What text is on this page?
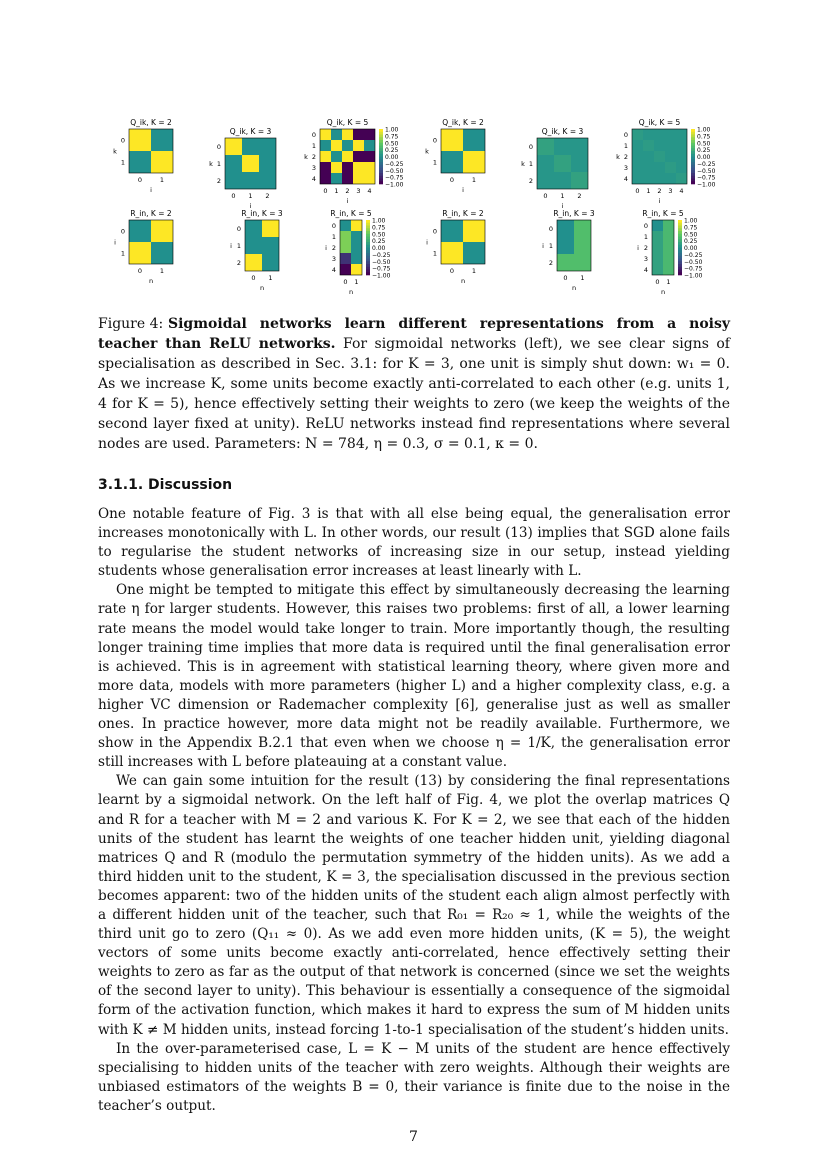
Q_ik, K = 2
0	1
i
0
1
k
Q_ik, K = 3
0 1 2
i
0
1
2
k
Q_ik, K = 5
0 1 2 3 4
i
0
1
2
3
4
k
1.00
0.75
0.50
0.25
0.00
−0.25
−0.50
−0.75
−1.00
Q_ik, K = 2
0	1
i
0
1
k
Q_ik, K = 3
0 1 2
i
0
1
2
k
Q_ik, K = 5
0 1 2 3 4
i
0
1
2
3
4
k
1.00
0.75
0.50
0.25
0.00
−0.25
−0.50
−0.75
−1.00
R_in, K = 2
0	1
n
0
1
i
R_in, K = 3
0 1
n
0
1
2
i
R_in, K = 5
0 1
n
0
1
2
3
4
i
1.00
0.75
0.50
0.25
0.00
−0.25
−0.50
−0.75
−1.00
R_in, K = 2
0	1
n
0
1
i
R_in, K = 3
0 1
n
0
1
2
i
R_in, K = 5
0 1
n
0
1
2
3
4
i
1.00
0.75
0.50
0.25
0.00
−0.25
−0.50
−0.75
−1.00
Figure 4: Sigmoidal networks learn different representations from a noisy teacher than ReLU networks. For sigmoidal networks (left), we see clear signs of specialisation as described in Sec. 3.1: for K = 3, one unit is simply shut down: w₁ = 0. As we increase K, some units become exactly anti-correlated to each other (e.g. units 1, 4 for K = 5), hence effectively setting their weights to zero (we keep the weights of the second layer fixed at unity). ReLU networks instead find representations where several nodes are used. Parameters: N = 784, η = 0.3, σ = 0.1, κ = 0.
3.1.1. Discussion

One notable feature of Fig. 3 is that with all else being equal, the generalisation error increases monotonically with L. In other words, our result (13) implies that SGD alone fails to regularise the student networks of increasing size in our setup, instead yielding students whose generalisation error increases at least linearly with L.

One might be tempted to mitigate this effect by simultaneously decreasing the learning rate η for larger students. However, this raises two problems: first of all, a lower learning rate means the model would take longer to train. More importantly though, the resulting longer training time implies that more data is required until the final generalisation error is achieved. This is in agreement with statistical learning theory, where given more and more data, models with more parameters (higher L) and a higher complexity class, e.g. a higher VC dimension or Rademacher complexity [6], generalise just as well as smaller ones. In practice however, more data might not be readily available. Furthermore, we show in the Appendix B.2.1 that even when we choose η = 1/K, the generalisation error still increases with L before plateauing at a constant value.

We can gain some intuition for the result (13) by considering the final representations learnt by a sigmoidal network. On the left half of Fig. 4, we plot the overlap matrices Q and R for a teacher with M = 2 and various K. For K = 2, we see that each of the hidden units of the student has learnt the weights of one teacher hidden unit, yielding diagonal matrices Q and R (modulo the permutation symmetry of the hidden units). As we add a third hidden unit to the student, K = 3, the specialisation discussed in the previous section becomes apparent: two of the hidden units of the student each align almost perfectly with a different hidden unit of the teacher, such that R₀₁ = R₂₀ ≈ 1, while the weights of the third unit go to zero (Q₁₁ ≈ 0). As we add even more hidden units, (K = 5), the weight vectors of some units become exactly anti-correlated, hence effectively setting their weights to zero as far as the output of that network is concerned (since we set the weights of the second layer to unity). This behaviour is essentially a consequence of the sigmoidal form of the activation function, which makes it hard to express the sum of M hidden units with K ≠ M hidden units, instead forcing 1-to-1 specialisation of the student’s hidden units.

In the over-parameterised case, L = K − M units of the student are hence effectively specialising to hidden units of the teacher with zero weights. Although their weights are unbiased estimators of the weights B = 0, their variance is finite due to the noise in the teacher’s output.

7
